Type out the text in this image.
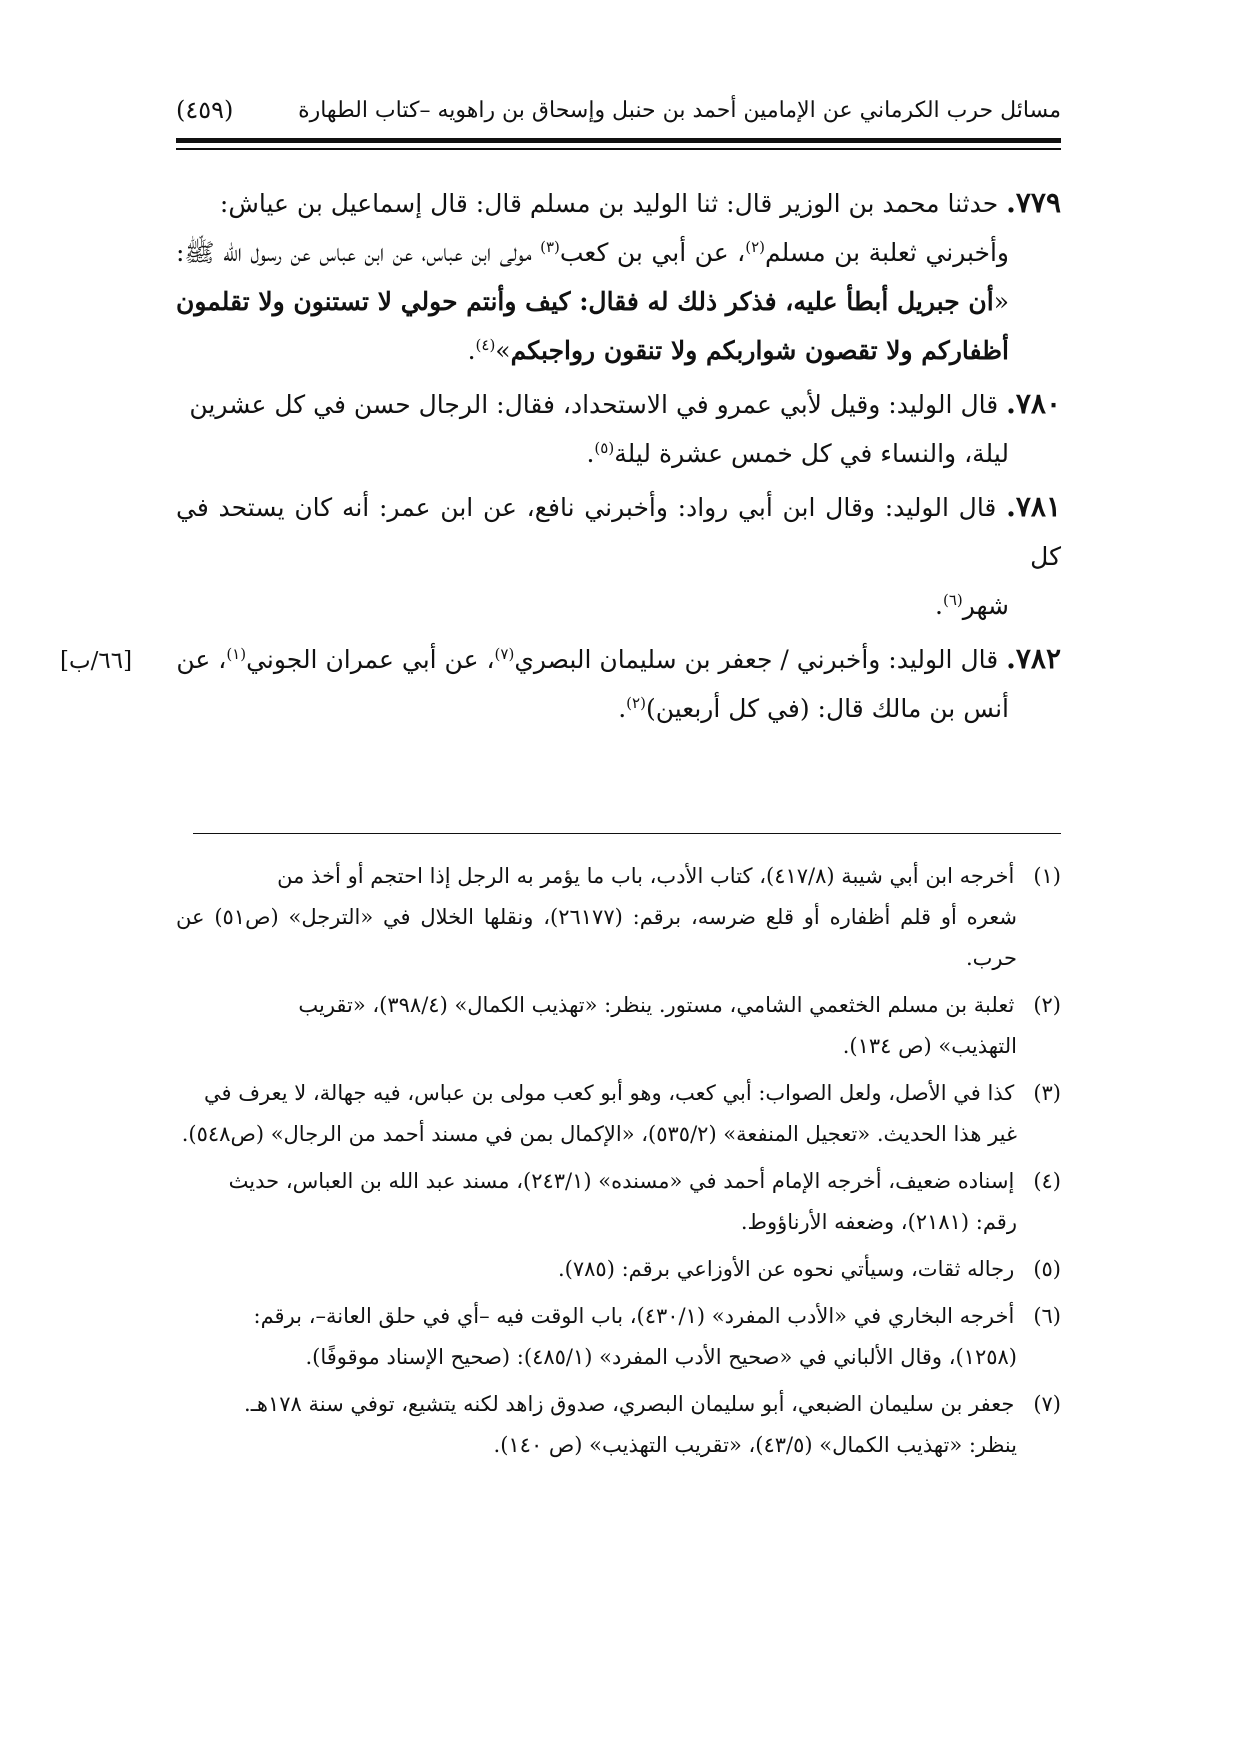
مسائل حرب الكرماني عن الإمامين أحمد بن حنبل وإسحاق بن راهويه –كتاب الطهارة
(٤٥٩)
[٦٦/ب]

٧٧٩. حدثنا محمد بن الوزير قال: ثنا الوليد بن مسلم قال: قال إسماعيل بن عياش:
وأخبرني ثعلبة بن مسلم$^{(٢)}$، عن أبي بن كعب$^{(٣)}$ مولى ابن عباس، عن ابن عباس عن رسول الله ﷺ: «أن جبريل أبطأ عليه، فذكر ذلك له فقال: كيف وأنتم حولي لا تستنون ولا تقلمون أظفاركم ولا تقصون شواربكم ولا تنقون رواجبكم»$^{(٤)}$.

٧٨٠. قال الوليد: وقيل لأبي عمرو في الاستحداد، فقال: الرجال حسن في كل عشرين
ليلة، والنساء في كل خمس عشرة ليلة$^{(٥)}$.

٧٨١. قال الوليد: وقال ابن أبي رواد: وأخبرني نافع، عن ابن عمر: أنه كان يستحد في كل
شهر$^{(٦)}$.

٧٨٢. قال الوليد: وأخبرني / جعفر بن سليمان البصري$^{(٧)}$، عن أبي عمران الجوني$^{(١)}$، عن
أنس بن مالك قال: (في كل أربعين)$^{(٢)}$.

(١) أخرجه ابن أبي شيبة (٤١٧/٨)، كتاب الأدب، باب ما يؤمر به الرجل إذا احتجم أو أخذ من
شعره أو قلم أظفاره أو قلع ضرسه، برقم: (٢٦١٧٧)، ونقلها الخلال في «الترجل» (ص٥١) عن حرب.
(٢) ثعلبة بن مسلم الخثعمي الشامي، مستور. ينظر: «تهذيب الكمال» (٣٩٨/٤)، «تقريب
التهذيب» (ص ١٣٤).
(٣) كذا في الأصل، ولعل الصواب: أبي كعب، وهو أبو كعب مولى بن عباس، فيه جهالة، لا يعرف في
غير هذا الحديث. «تعجيل المنفعة» (٥٣٥/٢)، «الإكمال بمن في مسند أحمد من الرجال» (ص٥٤٨).
(٤) إسناده ضعيف، أخرجه الإمام أحمد في «مسنده» (٢٤٣/١)، مسند عبد الله بن العباس، حديث
رقم: (٢١٨١)، وضعفه الأرناؤوط.
(٥) رجاله ثقات، وسيأتي نحوه عن الأوزاعي برقم: (٧٨٥).
(٦) أخرجه البخاري في «الأدب المفرد» (٤٣٠/١)، باب الوقت فيه –أي في حلق العانة–، برقم:
(١٢٥٨)، وقال الألباني في «صحيح الأدب المفرد» (٤٨٥/١): (صحيح الإسناد موقوفًا).
(٧) جعفر بن سليمان الضبعي، أبو سليمان البصري، صدوق زاهد لكنه يتشيع، توفي سنة ١٧٨هـ.
ينظر: «تهذيب الكمال» (٤٣/٥)، «تقريب التهذيب» (ص ١٤٠).
